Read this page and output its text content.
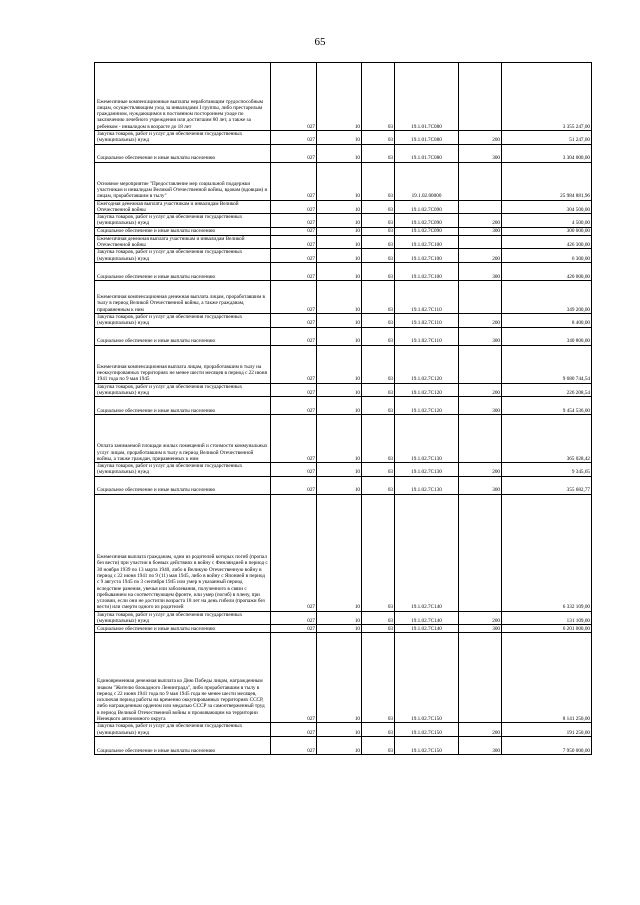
65
Ежемесячные компенсационные выплаты неработающим трудоспособным лицам, осуществляющим уход за инвалидами I группы, либо престарелым гражданином, нуждающимся в постоянном постороннем уходе по заключению лечебного учреждения или достигшим 80 лет, а также за ребенком - инвалидом в возрасте до 18 лет	027	10	03	19.1.01.7C080		3 355 247,00
Закупка товаров, работ и услуг для обеспечения государственных (муниципальных) нужд	027	10	03	19.1.01.7C080	200	51 247,00
Социальное обеспечение и иные выплаты населению	027	10	03	19.1.01.7C080	300	3 304 000,00
Основное мероприятие "Предоставление мер социальной поддержки участникам и инвалидам Великой Отечественной войны, вдовам (вдовцам) и лицам, проработавшим в тылу"	027	10	03	19.1.02.00000		25 984 881,96
Ежегодная денежная выплата участникам и инвалидам Великой Отечественной войны	027	10	03	19.1.02.7C090		304 500,00
Закупка товаров, работ и услуг для обеспечения государственных (муниципальных) нужд	027	10	03	19.1.02.7C090	200	4 500,00
Социальное обеспечение и иные выплаты населению	027	10	03	19.1.02.7C090	300	300 000,00
Ежемесячная денежная выплата участникам и инвалидам Великой Отечественной войны	027	10	03	19.1.02.7C100		426 300,00
Закупка товаров, работ и услуг для обеспечения государственных (муниципальных) нужд	027	10	03	19.1.02.7C100	200	6 300,00
Социальное обеспечение и иные выплаты населению	027	10	03	19.1.02.7C100	300	420 000,00
Ежемесячная компенсационная денежная выплата лицам, проработавшим в тылу в период Великой Отечественной войны, а также гражданам, приравненным к ним	027	10	03	19.1.02.7C110		349 200,00
Закупка товаров, работ и услуг для обеспечения государственных (муниципальных) нужд	027	10	03	19.1.02.7C110	200	8 400,00
Социальное обеспечение и иные выплаты населению	027	10	03	19.1.02.7C110	300	340 800,00
Ежемесячная компенсационная выплата лицам, проработавшим в тылу на неоккупированных территориях не менее шести месяцев в период с 22 июня 1941 года по 9 мая 1945	027	10	03	19.1.02.7C120		9 680 744,54
Закупка товаров, работ и услуг для обеспечения государственных (муниципальных) нужд	027	10	03	19.1.02.7C120	200	226 208,54
Социальное обеспечение и иные выплаты населению	027	10	03	19.1.02.7C120	300	9 454 536,00
Оплата занимаемой площади жилых помещений и стоимости коммунальных услуг лицам, проработавшим в тылу в период Великой Отечественной войны, а также граждан, приравненных к ним	027	10	03	19.1.02.7C130		365 028,42
Закупка товаров, работ и услуг для обеспечения государственных (муниципальных) нужд	027	10	03	19.1.02.7C130	200	9 345,65
Социальное обеспечение и иные выплаты населению	027	10	03	19.1.02.7C130	300	355 682,77
Ежемесячная выплата гражданам, одни из родителей которых погиб (пропал без вести) при участии в боевых действиях в войну с Финляндией в период с 30 ноября 1939 по 13 марта 1940, либо в Великую Отечественную войну в период с 22 июня 1941 по 9 (11) мая 1945, либо в войну с Японией в период с 9 августа 1945 по 3 сентября 1945 или умер в указанный период вследствие ранения, увечья или заболевания, полученного в связи с пребыванием на соответствующем фронте, или умер (погиб) в плену, при условии, если они не достигли возраста 18 лет на день гибели (пропажи без вести) или смерти одного из родителей	027	10	03	19.1.02.7C140		6 332 109,00
Закупка товаров, работ и услуг для обеспечения государственных (муниципальных) нужд	027	10	03	19.1.02.7C140	200	131 109,00
Социальное обеспечение и иные выплаты населению	027	10	03	19.1.02.7C140	300	6 201 000,00
Единовременная денежная выплата ко Дню Победы лицам, награжденным знаком "Жителю блокадного Ленинграда", либо проработавшим в тылу в период с 22 июня 1941 года по 9 мая 1945 года не менее шести месяцев, исключая период работы на временно оккупированных территориях СССР, либо награжденным орденом или медалью СССР за самоотверженный труд в период Великой Отечественной войны и проживающим на территории Ненецкого автономного округа	027	10	03	19.1.02.7C150		8 141 250,00
Закупка товаров, работ и услуг для обеспечения государственных (муниципальных) нужд	027	10	03	19.1.02.7C150	200	191 250,00
Социальное обеспечение и иные выплаты населению	027	10	03	19.1.02.7C150	300	7 950 000,00
